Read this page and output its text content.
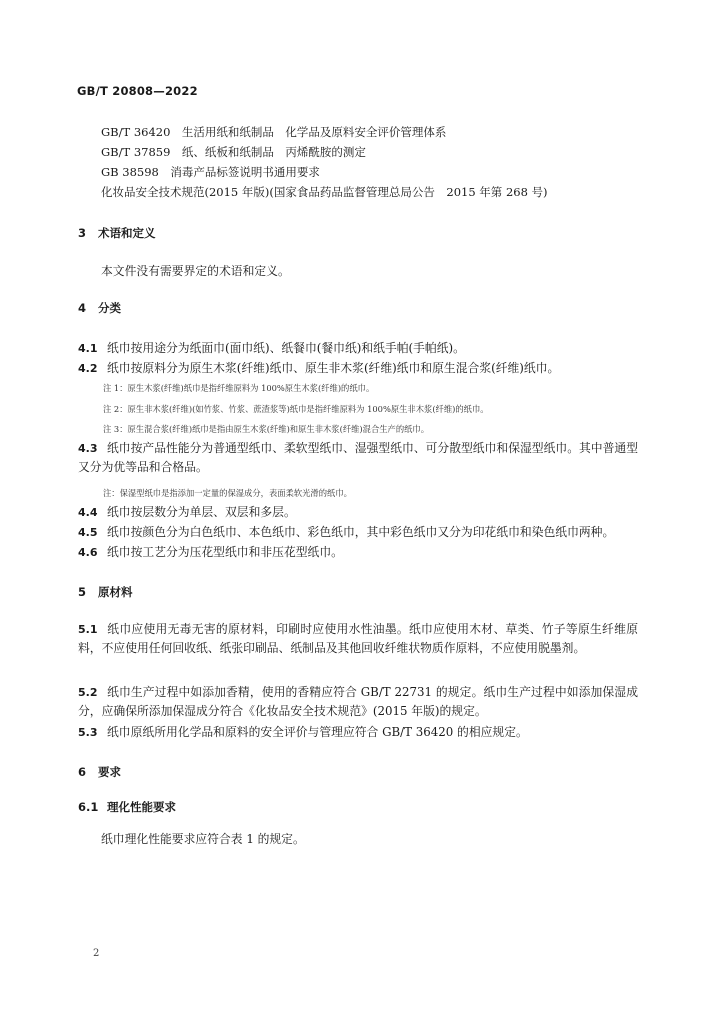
GB/T 20808—2022
GB/T 36420　生活用纸和纸制品　化学品及原料安全评价管理体系
GB/T 37859　纸、纸板和纸制品　丙烯酰胺的测定
GB 38598　消毒产品标签说明书通用要求
化妆品安全技术规范(2015 年版)(国家食品药品监督管理总局公告　2015 年第 268 号)
3 术语和定义
本文件没有需要界定的术语和定义。
4 分类
4.1 纸巾按用途分为纸面巾(面巾纸)、纸餐巾(餐巾纸)和纸手帕(手帕纸)。
4.2 纸巾按原料分为原生木浆(纤维)纸巾、原生非木浆(纤维)纸巾和原生混合浆(纤维)纸巾。
注 1：原生木浆(纤维)纸巾是指纤维原料为 100%原生木浆(纤维)的纸巾。
注 2：原生非木浆(纤维)(如竹浆、竹浆、蔗渣浆等)纸巾是指纤维原料为 100%原生非木浆(纤维)的纸巾。
注 3：原生混合浆(纤维)纸巾是指由原生木浆(纤维)和原生非木浆(纤维)混合生产的纸巾。
4.3 纸巾按产品性能分为普通型纸巾、柔软型纸巾、湿强型纸巾、可分散型纸巾和保湿型纸巾。其中普通型又分为优等品和合格品。
注：保湿型纸巾是指添加一定量的保湿成分，表面柔软光滑的纸巾。
4.4 纸巾按层数分为单层、双层和多层。
4.5 纸巾按颜色分为白色纸巾、本色纸巾、彩色纸巾，其中彩色纸巾又分为印花纸巾和染色纸巾两种。
4.6 纸巾按工艺分为压花型纸巾和非压花型纸巾。
5 原材料
5.1 纸巾应使用无毒无害的原材料，印刷时应使用水性油墨。纸巾应使用木材、草类、竹子等原生纤维原料，不应使用任何回收纸、纸张印刷品、纸制品及其他回收纤维状物质作原料，不应使用脱墨剂。
5.2 纸巾生产过程中如添加香精，使用的香精应符合 GB/T 22731 的规定。纸巾生产过程中如添加保湿成分，应确保所添加保湿成分符合《化妆品安全技术规范》(2015 年版)的规定。
5.3 纸巾原纸所用化学品和原料的安全评价与管理应符合 GB/T 36420 的相应规定。
6 要求
6.1 理化性能要求
纸巾理化性能要求应符合表 1 的规定。
2
